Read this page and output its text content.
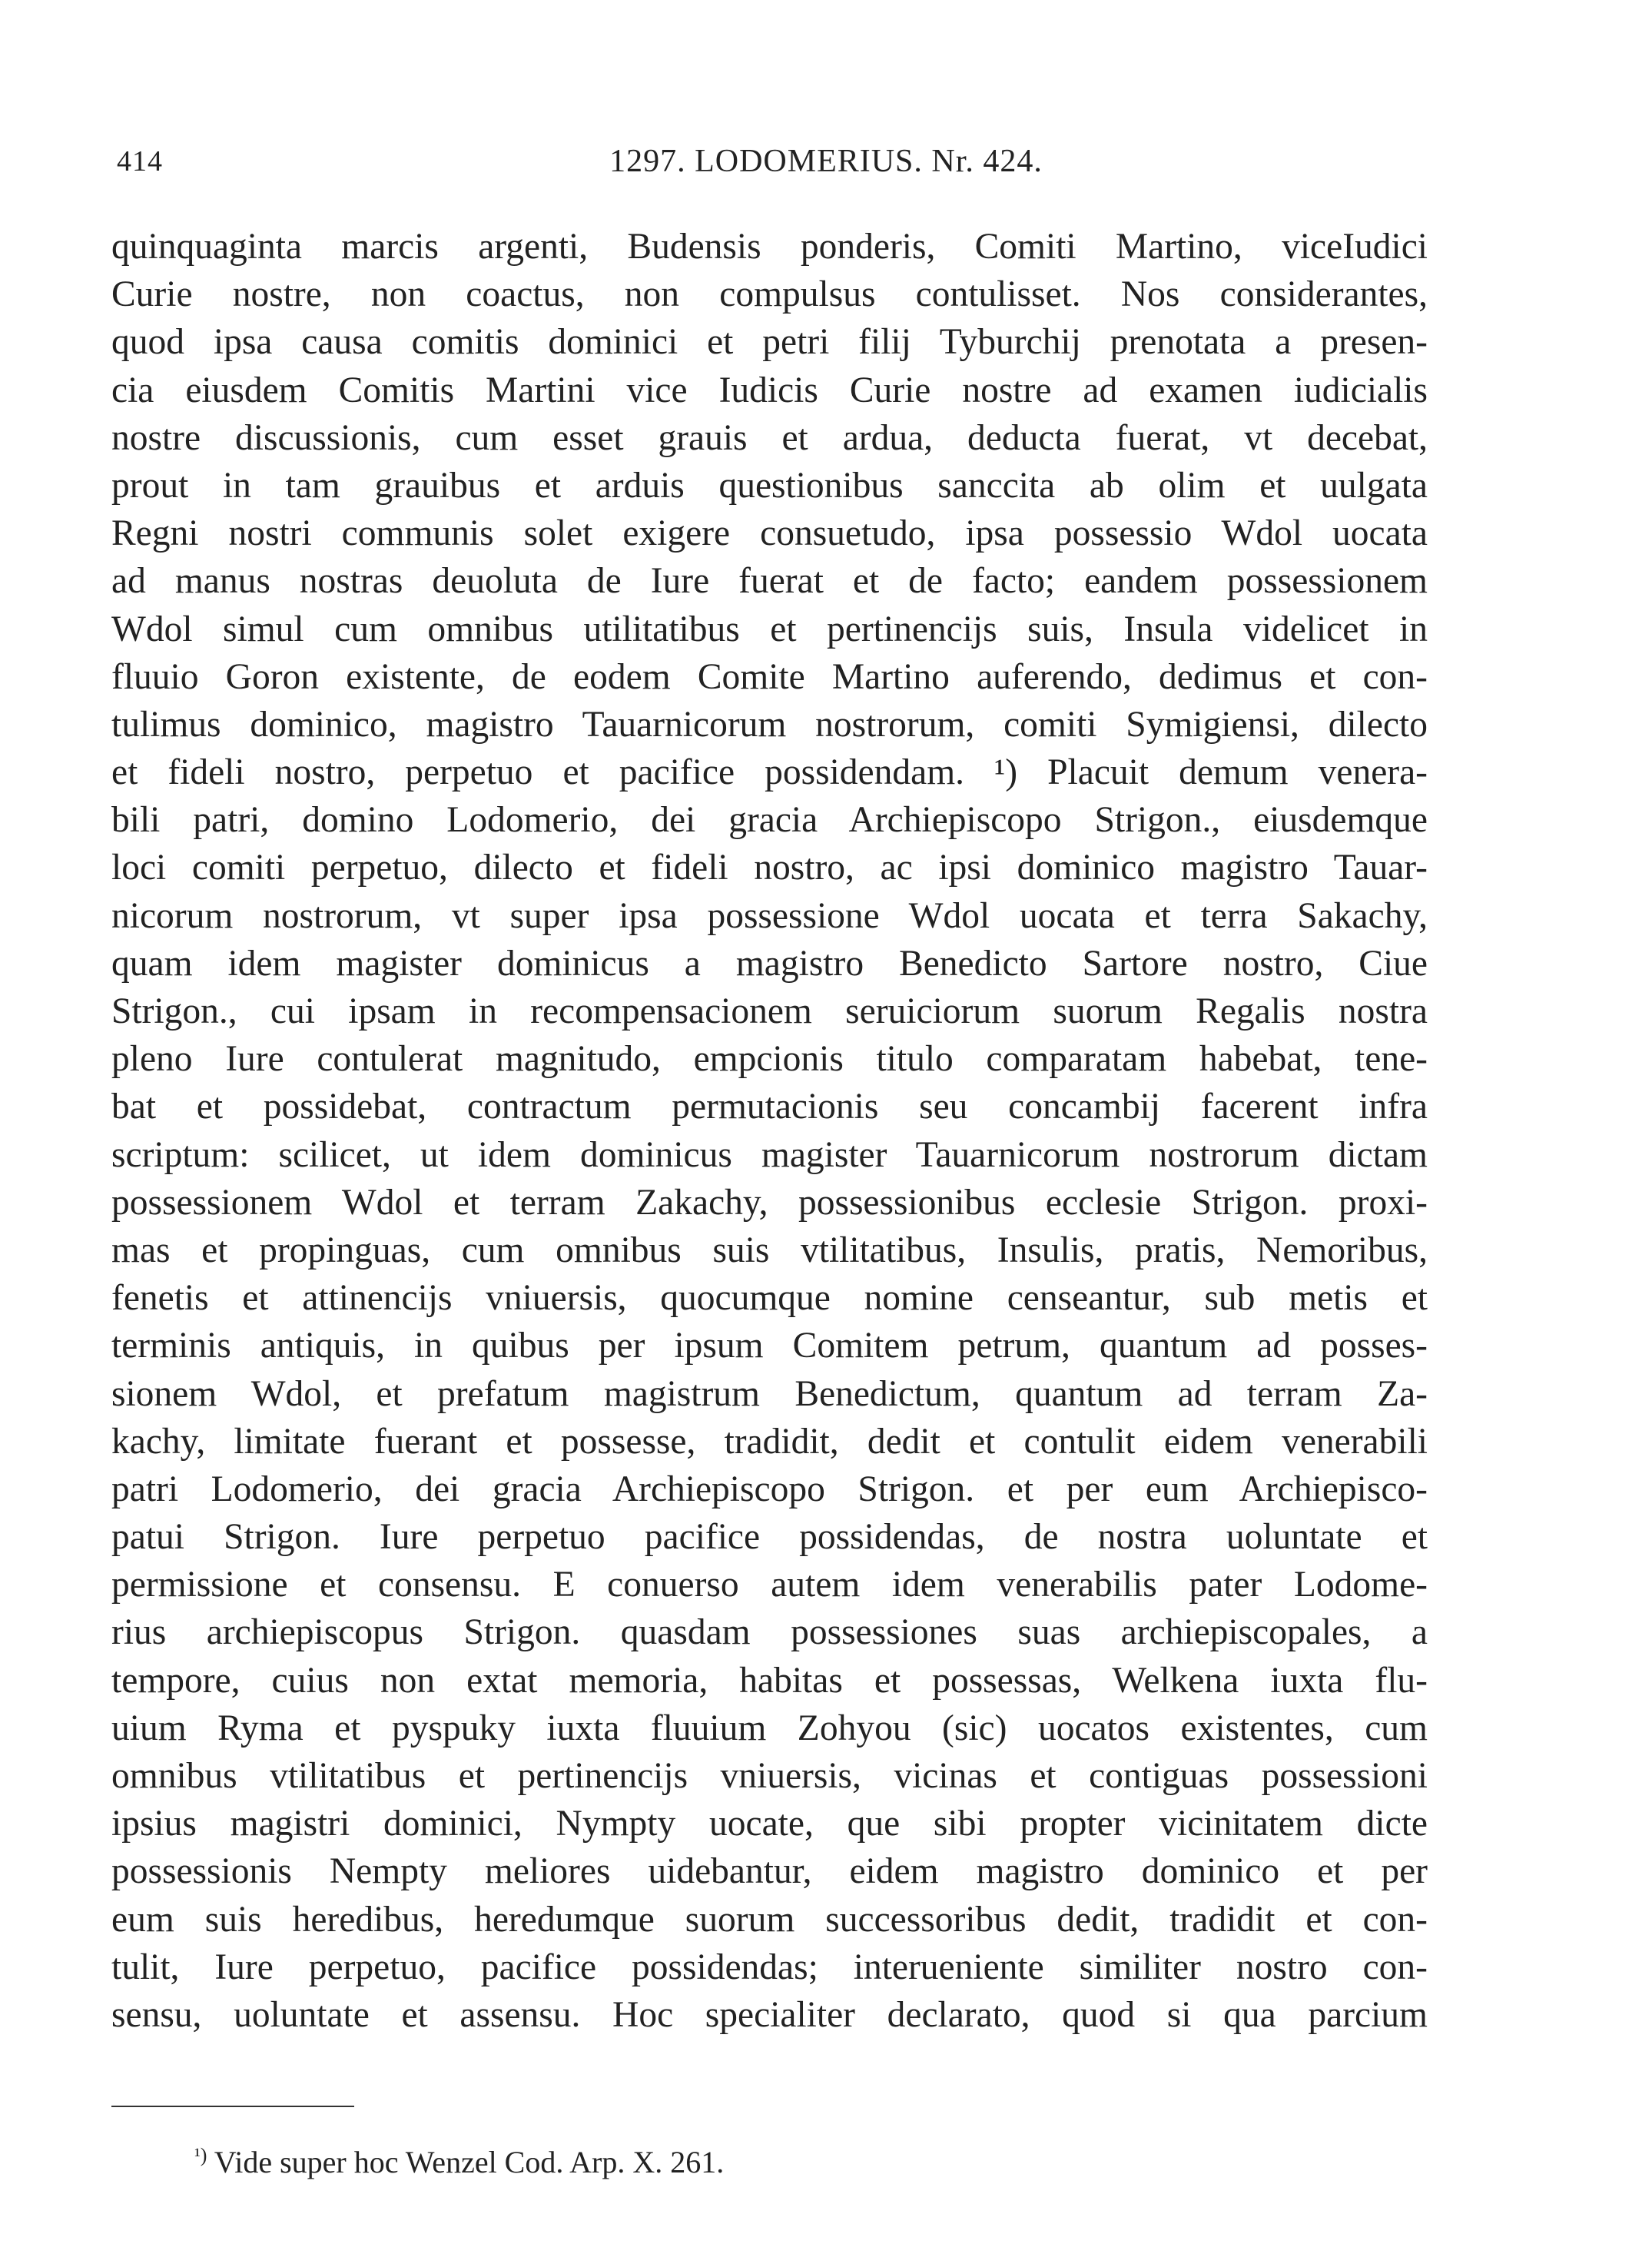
414	1297. LODOMERIUS. Nr. 424.
quinquaginta marcis argenti, Budensis ponderis, Comiti Martino, viceIudici
Curie nostre, non coactus, non compulsus contulisset. Nos considerantes,
quod ipsa causa comitis dominici et petri filij Tyburchij prenotata a presen-
cia eiusdem Comitis Martini vice Iudicis Curie nostre ad examen iudicialis
nostre discussionis, cum esset grauis et ardua, deducta fuerat, vt decebat,
prout in tam grauibus et arduis questionibus sanccita ab olim et uulgata
Regni nostri communis solet exigere consuetudo, ipsa possessio Wdol uocata
ad manus nostras deuoluta de Iure fuerat et de facto; eandem possessionem
Wdol simul cum omnibus utilitatibus et pertinencijs suis, Insula videlicet in
fluuio Goron existente, de eodem Comite Martino auferendo, dedimus et con-
tulimus dominico, magistro Tauarnicorum nostrorum, comiti Symigiensi, dilecto
et fideli nostro, perpetuo et pacifice possidendam. ¹) Placuit demum venera-
bili patri, domino Lodomerio, dei gracia Archiepiscopo Strigon., eiusdemque
loci comiti perpetuo, dilecto et fideli nostro, ac ipsi dominico magistro Tauar-
nicorum nostrorum, vt super ipsa possessione Wdol uocata et terra Sakachy,
quam idem magister dominicus a magistro Benedicto Sartore nostro, Ciue
Strigon., cui ipsam in recompensacionem seruiciorum suorum Regalis nostra
pleno Iure contulerat magnitudo, empcionis titulo comparatam habebat, tene-
bat et possidebat, contractum permutacionis seu concambij facerent infra
scriptum: scilicet, ut idem dominicus magister Tauarnicorum nostrorum dictam
possessionem Wdol et terram Zakachy, possessionibus ecclesie Strigon. proxi-
mas et propinguas, cum omnibus suis vtilitatibus, Insulis, pratis, Nemoribus,
fenetis et attinencijs vniuersis, quocumque nomine censeantur, sub metis et
terminis antiquis, in quibus per ipsum Comitem petrum, quantum ad posses-
sionem Wdol, et prefatum magistrum Benedictum, quantum ad terram Za-
kachy, limitate fuerant et possesse, tradidit, dedit et contulit eidem venerabili
patri Lodomerio, dei gracia Archiepiscopo Strigon. et per eum Archiepisco-
patui Strigon. Iure perpetuo pacifice possidendas, de nostra uoluntate et
permissione et consensu. E conuerso autem idem venerabilis pater Lodome-
rius archiepiscopus Strigon. quasdam possessiones suas archiepiscopales, a
tempore, cuius non extat memoria, habitas et possessas, Welkena iuxta flu-
uium Ryma et pyspuky iuxta fluuium Zohyou (sic) uocatos existentes, cum
omnibus vtilitatibus et pertinencijs vniuersis, vicinas et contiguas possessioni
ipsius magistri dominici, Nympty uocate, que sibi propter vicinitatem dicte
possessionis Nempty meliores uidebantur, eidem magistro dominico et per
eum suis heredibus, heredumque suorum successoribus dedit, tradidit et con-
tulit, Iure perpetuo, pacifice possidendas; interueniente similiter nostro con-
sensu, uoluntate et assensu. Hoc specialiter declarato, quod si qua parcium
$^{^1)}$ Vide super hoc Wenzel Cod. Arp. X. 261.
